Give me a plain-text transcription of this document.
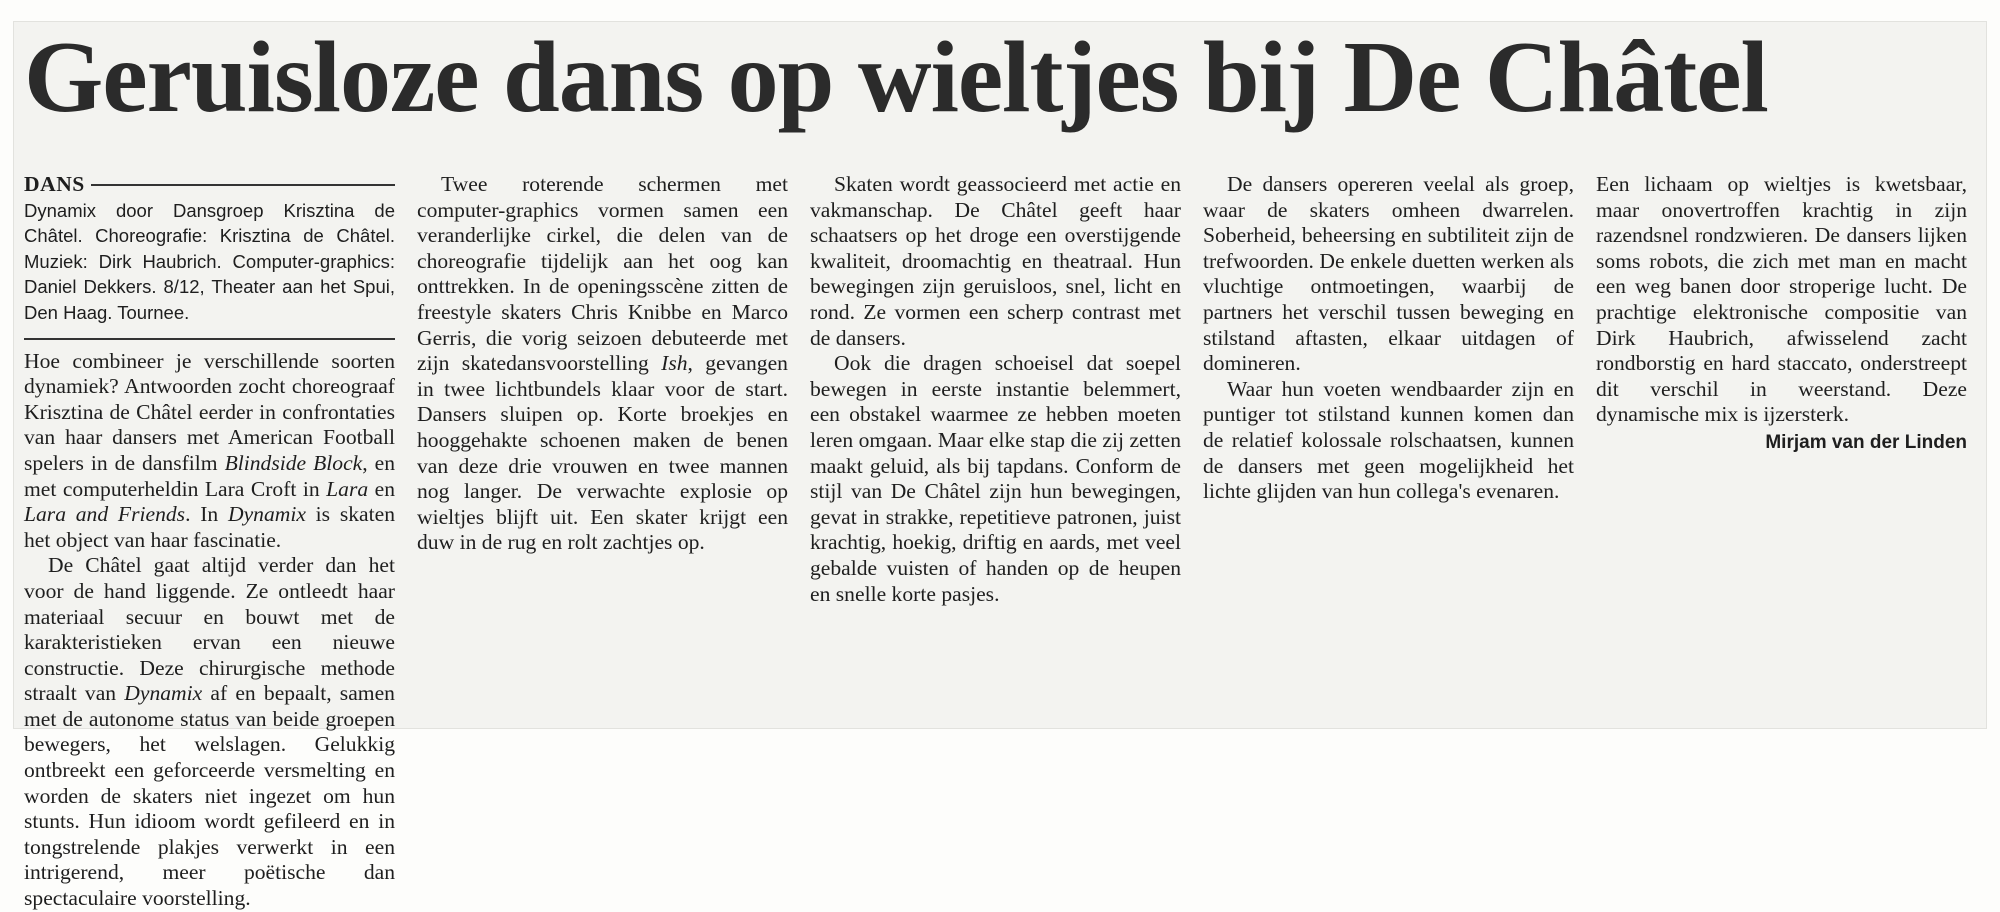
Geruisloze dans op wieltjes bij De Châtel
DANS

Dynamix door Dansgroep Krisztina de Châtel. Choreografie: Krisztina de Châtel. Muziek: Dirk Haubrich. Computer-graphics: Daniel Dekkers. 8/12, Theater aan het Spui, Den Haag. Tournee.

Hoe combineer je verschillende soorten dynamiek? Antwoorden zocht choreograaf Krisztina de Châtel eerder in confrontaties van haar dansers met American Football spelers in de dansfilm Blindside Block, en met computerheldin Lara Croft in Lara en Lara and Friends. In Dynamix is skaten het object van haar fascinatie.

De Châtel gaat altijd verder dan het voor de hand liggende. Ze ontleedt haar materiaal secuur en bouwt met de karakteristieken ervan een nieuwe constructie. Deze chirurgische methode straalt van Dynamix af en bepaalt, samen met de autonome status van beide groepen bewegers, het welslagen. Gelukkig ontbreekt een geforceerde versmelting en worden de skaters niet ingezet om hun stunts. Hun idioom wordt gefileerd en in tongstrelende plakjes verwerkt in een intrigerend, meer poëtische dan spectaculaire voorstelling.

Twee roterende schermen met computer-graphics vormen samen een veranderlijke cirkel, die delen van de choreografie tijdelijk aan het oog kan onttrekken. In de openingsscène zitten de freestyle skaters Chris Knibbe en Marco Gerris, die vorig seizoen debuteerde met zijn skatedansvoorstelling Ish, gevangen in twee lichtbundels klaar voor de start. Dansers sluipen op. Korte broekjes en hooggehakte schoenen maken de benen van deze drie vrouwen en twee mannen nog langer. De verwachte explosie op wieltjes blijft uit. Een skater krijgt een duw in de rug en rolt zachtjes op.

Skaten wordt geassocieerd met actie en vakmanschap. De Châtel geeft haar schaatsers op het droge een overstijgende kwaliteit, droomachtig en theatraal. Hun bewegingen zijn geruisloos, snel, licht en rond. Ze vormen een scherp contrast met de dansers.

Ook die dragen schoeisel dat soepel bewegen in eerste instantie belemmert, een obstakel waarmee ze hebben moeten leren omgaan. Maar elke stap die zij zetten maakt geluid, als bij tapdans. Conform de stijl van De Châtel zijn hun bewegingen, gevat in strakke, repetitieve patronen, juist krachtig, hoekig, driftig en aards, met veel gebalde vuisten of handen op de heupen en snelle korte pasjes.

De dansers opereren veelal als groep, waar de skaters omheen dwarrelen. Soberheid, beheersing en subtiliteit zijn de trefwoorden. De enkele duetten werken als vluchtige ontmoetingen, waarbij de partners het verschil tussen beweging en stilstand aftasten, elkaar uitdagen of domineren.

Waar hun voeten wendbaarder zijn en puntiger tot stilstand kunnen komen dan de relatief kolossale rolschaatsen, kunnen de dansers met geen mogelijkheid het lichte glijden van hun collega's evenaren.

Een lichaam op wieltjes is kwetsbaar, maar onovertroffen krachtig in zijn razendsnel rondzwieren. De dansers lijken soms robots, die zich met man en macht een weg banen door stroperige lucht. De prachtige elektronische compositie van Dirk Haubrich, afwisselend zacht rondborstig en hard staccato, onderstreept dit verschil in weerstand. Deze dynamische mix is ijzersterk.

Mirjam van der Linden
